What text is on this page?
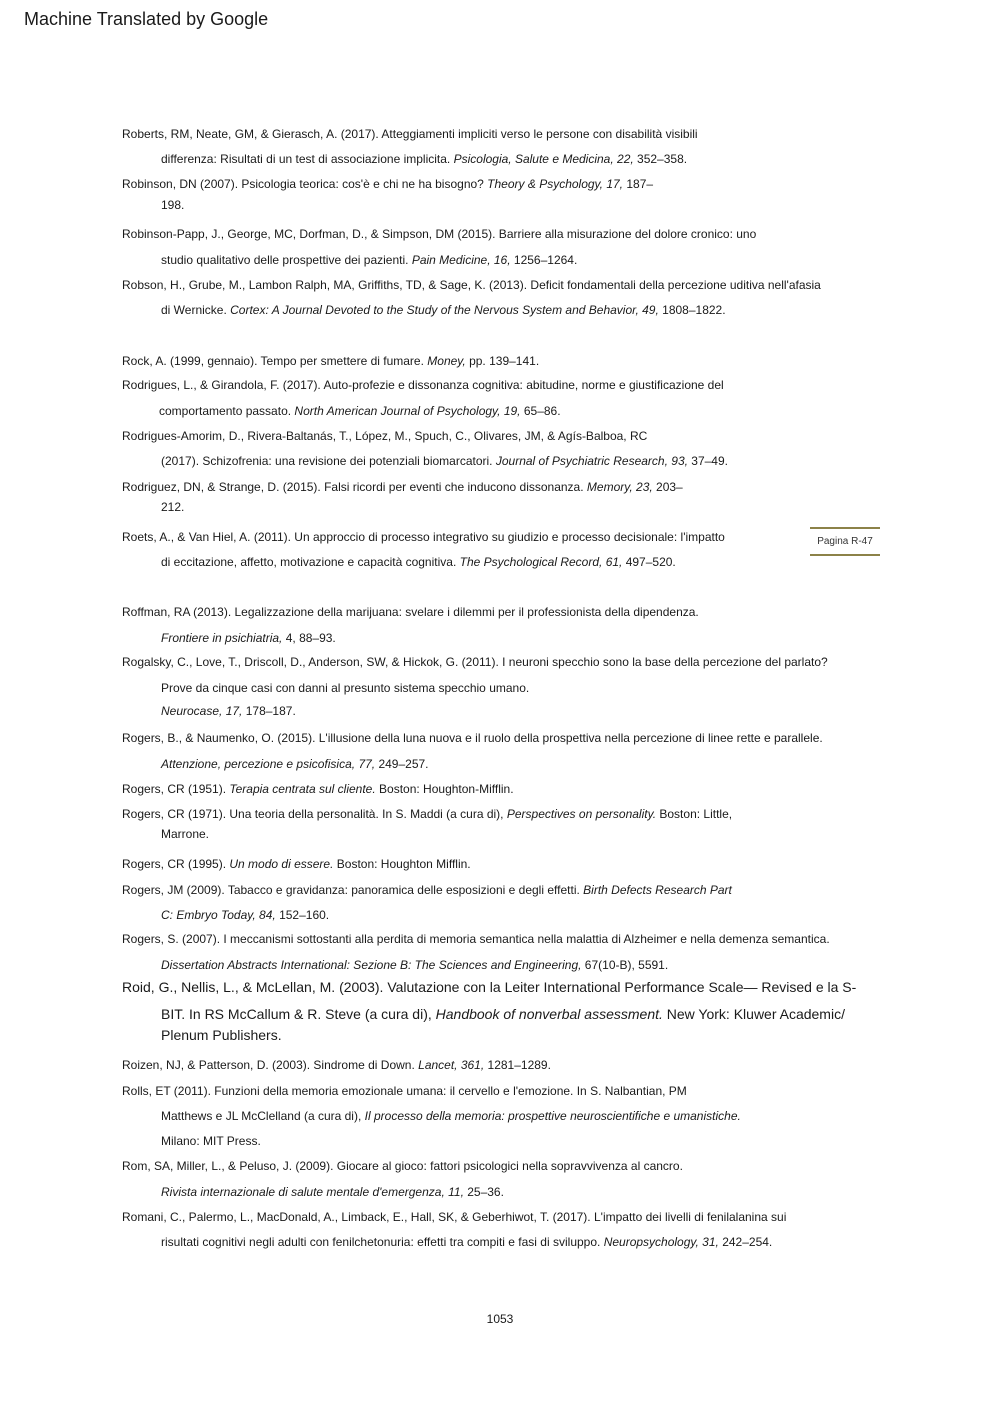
Machine Translated by Google
Roberts, RM, Neate, GM, & Gierasch, A. (2017). Atteggiamenti impliciti verso le persone con disabilità visibili
differenza: Risultati di un test di associazione implicita. Psicologia, Salute e Medicina, 22, 352–358.
Robinson, DN (2007). Psicologia teorica: cos'è e chi ne ha bisogno? Theory & Psychology, 17, 187–
198.
Robinson-Papp, J., George, MC, Dorfman, D., & Simpson, DM (2015). Barriere alla misurazione del dolore cronico: uno
studio qualitativo delle prospettive dei pazienti. Pain Medicine, 16, 1256–1264.
Robson, H., Grube, M., Lambon Ralph, MA, Griffiths, TD, & Sage, K. (2013). Deficit fondamentali della percezione uditiva nell'afasia
di Wernicke. Cortex: A Journal Devoted to the Study of the Nervous System and Behavior, 49, 1808–1822.
Rock, A. (1999, gennaio). Tempo per smettere di fumare. Money, pp. 139–141.
Rodrigues, L., & Girandola, F. (2017). Auto-profezie e dissonanza cognitiva: abitudine, norme e giustificazione del
comportamento passato. North American Journal of Psychology, 19, 65–86.
Rodrigues-Amorim, D., Rivera-Baltanás, T., López, M., Spuch, C., Olivares, JM, & Agís-Balboa, RC
(2017). Schizofrenia: una revisione dei potenziali biomarcatori. Journal of Psychiatric Research, 93, 37–49.
Rodriguez, DN, & Strange, D. (2015). Falsi ricordi per eventi che inducono dissonanza. Memory, 23, 203–
212.
Roets, A., & Van Hiel, A. (2011). Un approccio di processo integrativo su giudizio e processo decisionale: l'impatto
di eccitazione, affetto, motivazione e capacità cognitiva. The Psychological Record, 61, 497–520.
Roffman, RA (2013). Legalizzazione della marijuana: svelare i dilemmi per il professionista della dipendenza.
Frontiere in psichiatria, 4, 88–93.
Rogalsky, C., Love, T., Driscoll, D., Anderson, SW, & Hickok, G. (2011). I neuroni specchio sono la base della percezione del parlato?
Prove da cinque casi con danni al presunto sistema specchio umano.
Neurocase, 17, 178–187.
Rogers, B., & Naumenko, O. (2015). L'illusione della luna nuova e il ruolo della prospettiva nella percezione di linee rette e parallele.
Attenzione, percezione e psicofisica, 77, 249–257.
Rogers, CR (1951). Terapia centrata sul cliente. Boston: Houghton-Mifflin.
Rogers, CR (1971). Una teoria della personalità. In S. Maddi (a cura di), Perspectives on personality. Boston: Little,
Marrone.
Rogers, CR (1995). Un modo di essere. Boston: Houghton Mifflin.
Rogers, JM (2009). Tabacco e gravidanza: panoramica delle esposizioni e degli effetti. Birth Defects Research Part
C: Embryo Today, 84, 152–160.
Rogers, S. (2007). I meccanismi sottostanti alla perdita di memoria semantica nella malattia di Alzheimer e nella demenza semantica.
Dissertation Abstracts International: Sezione B: The Sciences and Engineering, 67(10-B), 5591.
Roid, G., Nellis, L., & McLellan, M. (2003). Valutazione con la Leiter International Performance Scale— Revised e la S-
BIT. In RS McCallum & R. Steve (a cura di), Handbook of nonverbal assessment. New York: Kluwer Academic/
Plenum Publishers.
Roizen, NJ, & Patterson, D. (2003). Sindrome di Down. Lancet, 361, 1281–1289.
Rolls, ET (2011). Funzioni della memoria emozionale umana: il cervello e l'emozione. In S. Nalbantian, PM
Matthews e JL McClelland (a cura di), Il processo della memoria: prospettive neuroscientifiche e umanistiche.
Milano: MIT Press.
Rom, SA, Miller, L., & Peluso, J. (2009). Giocare al gioco: fattori psicologici nella sopravvivenza al cancro.
Rivista internazionale di salute mentale d'emergenza, 11, 25–36.
Romani, C., Palermo, L., MacDonald, A., Limback, E., Hall, SK, & Geberhiwot, T. (2017). L'impatto dei livelli di fenilalanina sui
risultati cognitivi negli adulti con fenilchetonuria: effetti tra compiti e fasi di sviluppo. Neuropsychology, 31, 242–254.
Pagina R-47
1053
